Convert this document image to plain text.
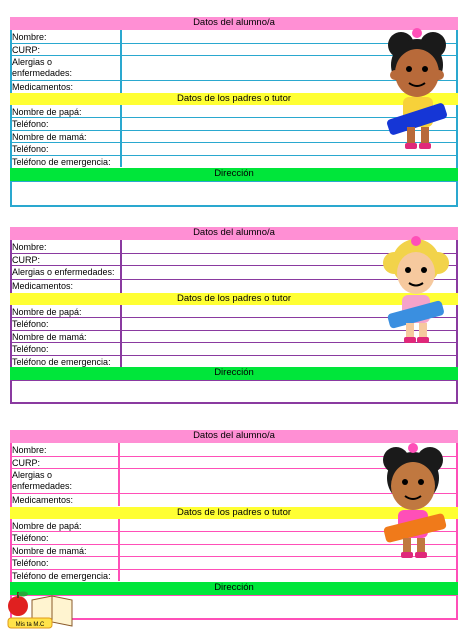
Datos del alumno/a
Nombre:
CURP:
Alergias o enfermedades:
Medicamentos:
Datos de los padres o tutor
Nombre de papá:
Teléfono:
Nombre de mamá:
Teléfono:
Teléfono de emergencia:
Dirección
Datos del alumno/a
Nombre:
CURP:
Alergias o enfermedades:
Medicamentos:
Datos de los padres o tutor
Nombre de papá:
Teléfono:
Nombre de mamá:
Teléfono:
Teléfono de emergencia:
Dirección
Datos del alumno/a
Nombre:
CURP:
Alergias o enfermedades:
Medicamentos:
Datos de los padres o tutor
Nombre de papá:
Teléfono:
Nombre de mamá:
Teléfono:
Teléfono de emergencia:
Dirección
Mis ta M.C
